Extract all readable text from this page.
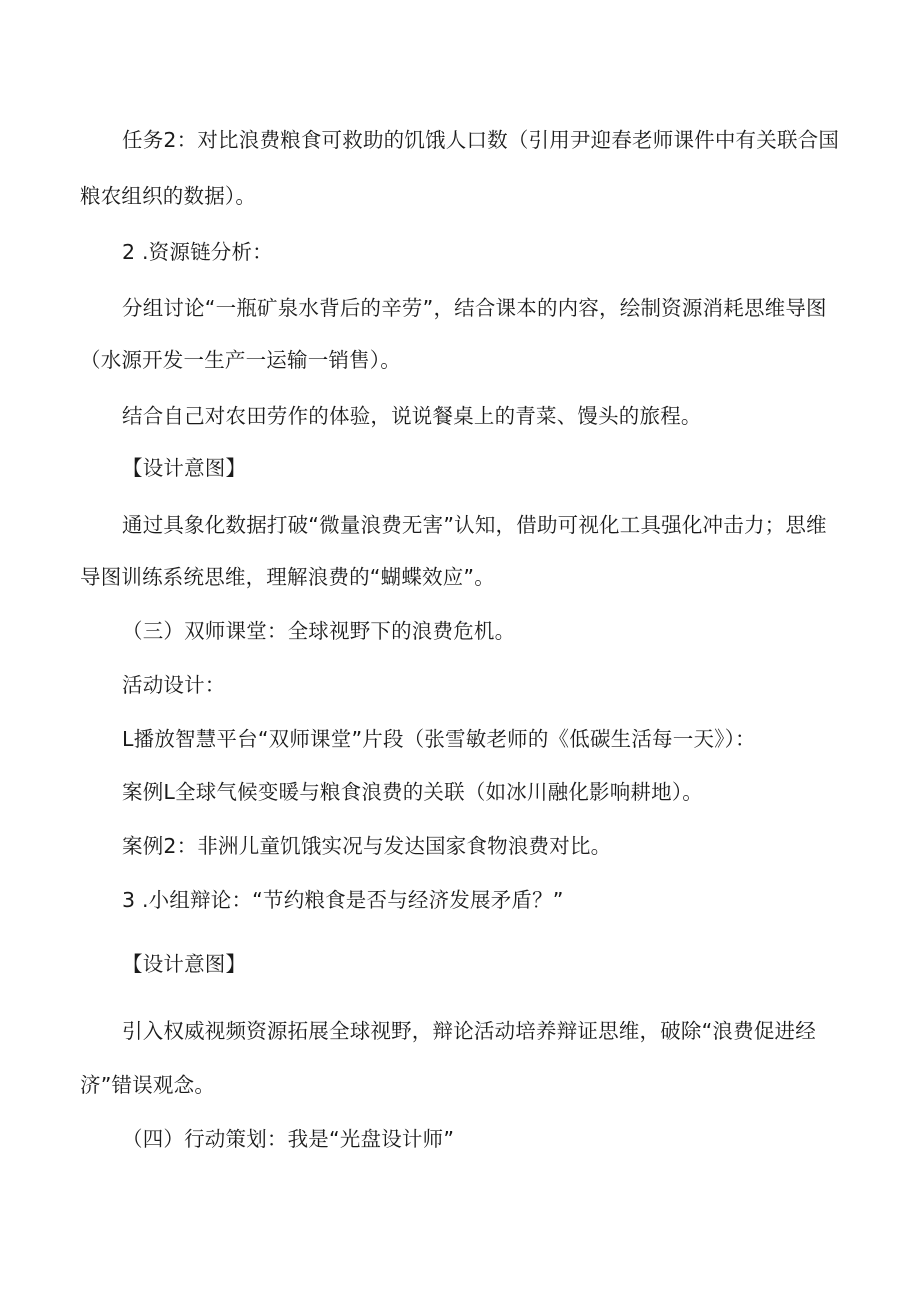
任务2：对比浪费粮食可救助的饥饿人口数（引用尹迎春老师课件中有关联合国
粮农组织的数据）。
2 .资源链分析：
分组讨论“一瓶矿泉水背后的辛劳”，结合课本的内容，绘制资源消耗思维导图
（水源开发一生产一运输一销售）。
结合自己对农田劳作的体验，说说餐桌上的青菜、馒头的旅程。
【设计意图】
通过具象化数据打破“微量浪费无害”认知，借助可视化工具强化冲击力；思维
导图训练系统思维，理解浪费的“蝴蝶效应”。
（三）双师课堂：全球视野下的浪费危机。
活动设计：
L播放智慧平台“双师课堂”片段（张雪敏老师的《低碳生活每一天》）：
案例L全球气候变暖与粮食浪费的关联（如冰川融化影响耕地）。
案例2：非洲儿童饥饿实况与发达国家食物浪费对比。
3 .小组辩论：“节约粮食是否与经济发展矛盾？”
【设计意图】
引入权威视频资源拓展全球视野，辩论活动培养辩证思维，破除“浪费促进经
济”错误观念。
（四）行动策划：我是“光盘设计师”
